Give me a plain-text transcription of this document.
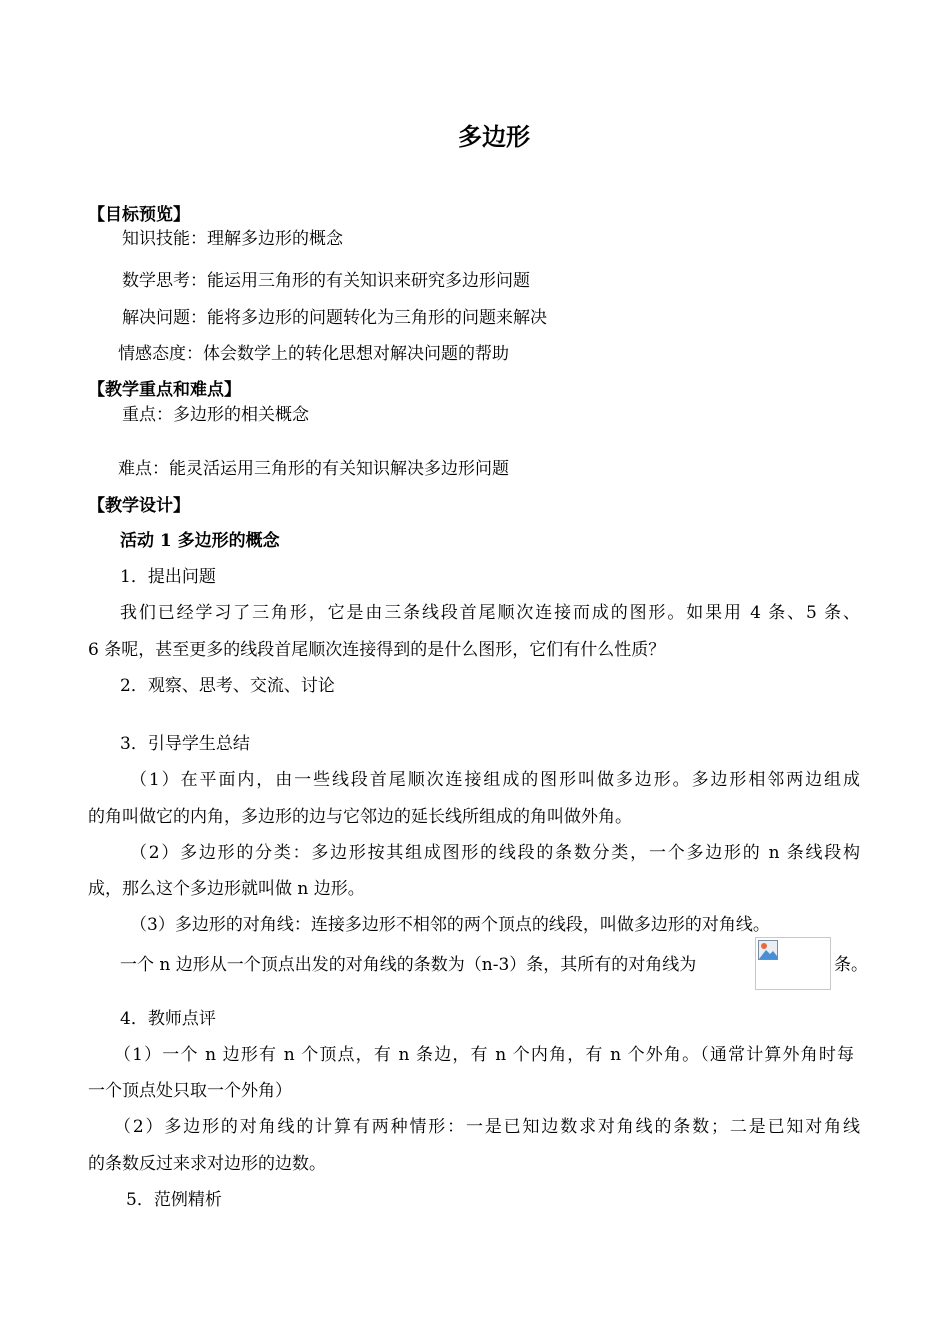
多边形
【目标预览】
知识技能：理解多边形的概念
数学思考：能运用三角形的有关知识来研究多边形问题
解决问题：能将多边形的问题转化为三角形的问题来解决
情感态度：体会数学上的转化思想对解决问题的帮助
【教学重点和难点】
重点：多边形的相关概念
难点：能灵活运用三角形的有关知识解决多边形问题
【教学设计】
活动 1 多边形的概念
1．提出问题
我们已经学习了三角形，它是由三条线段首尾顺次连接而成的图形。如果用 4 条、5 条、
6 条呢，甚至更多的线段首尾顺次连接得到的是什么图形，它们有什么性质？
2．观察、思考、交流、讨论
3．引导学生总结
（1）在平面内，由一些线段首尾顺次连接组成的图形叫做多边形。多边形相邻两边组成
的角叫做它的内角，多边形的边与它邻边的延长线所组成的角叫做外角。
（2）多边形的分类：多边形按其组成图形的线段的条数分类，一个多边形的 n 条线段构
成，那么这个多边形就叫做 n 边形。
（3）多边形的对角线：连接多边形不相邻的两个顶点的线段，叫做多边形的对角线。
一个 n 边形从一个顶点出发的对角线的条数为（n-3）条，其所有的对角线为	条。
4．教师点评
（1）一个 n 边形有 n 个顶点，有 n 条边，有 n 个内角，有 n 个外角。（通常计算外角时每
一个顶点处只取一个外角）
（2）多边形的对角线的计算有两种情形：一是已知边数求对角线的条数；二是已知对角线
的条数反过来求对边形的边数。
5．范例精析
